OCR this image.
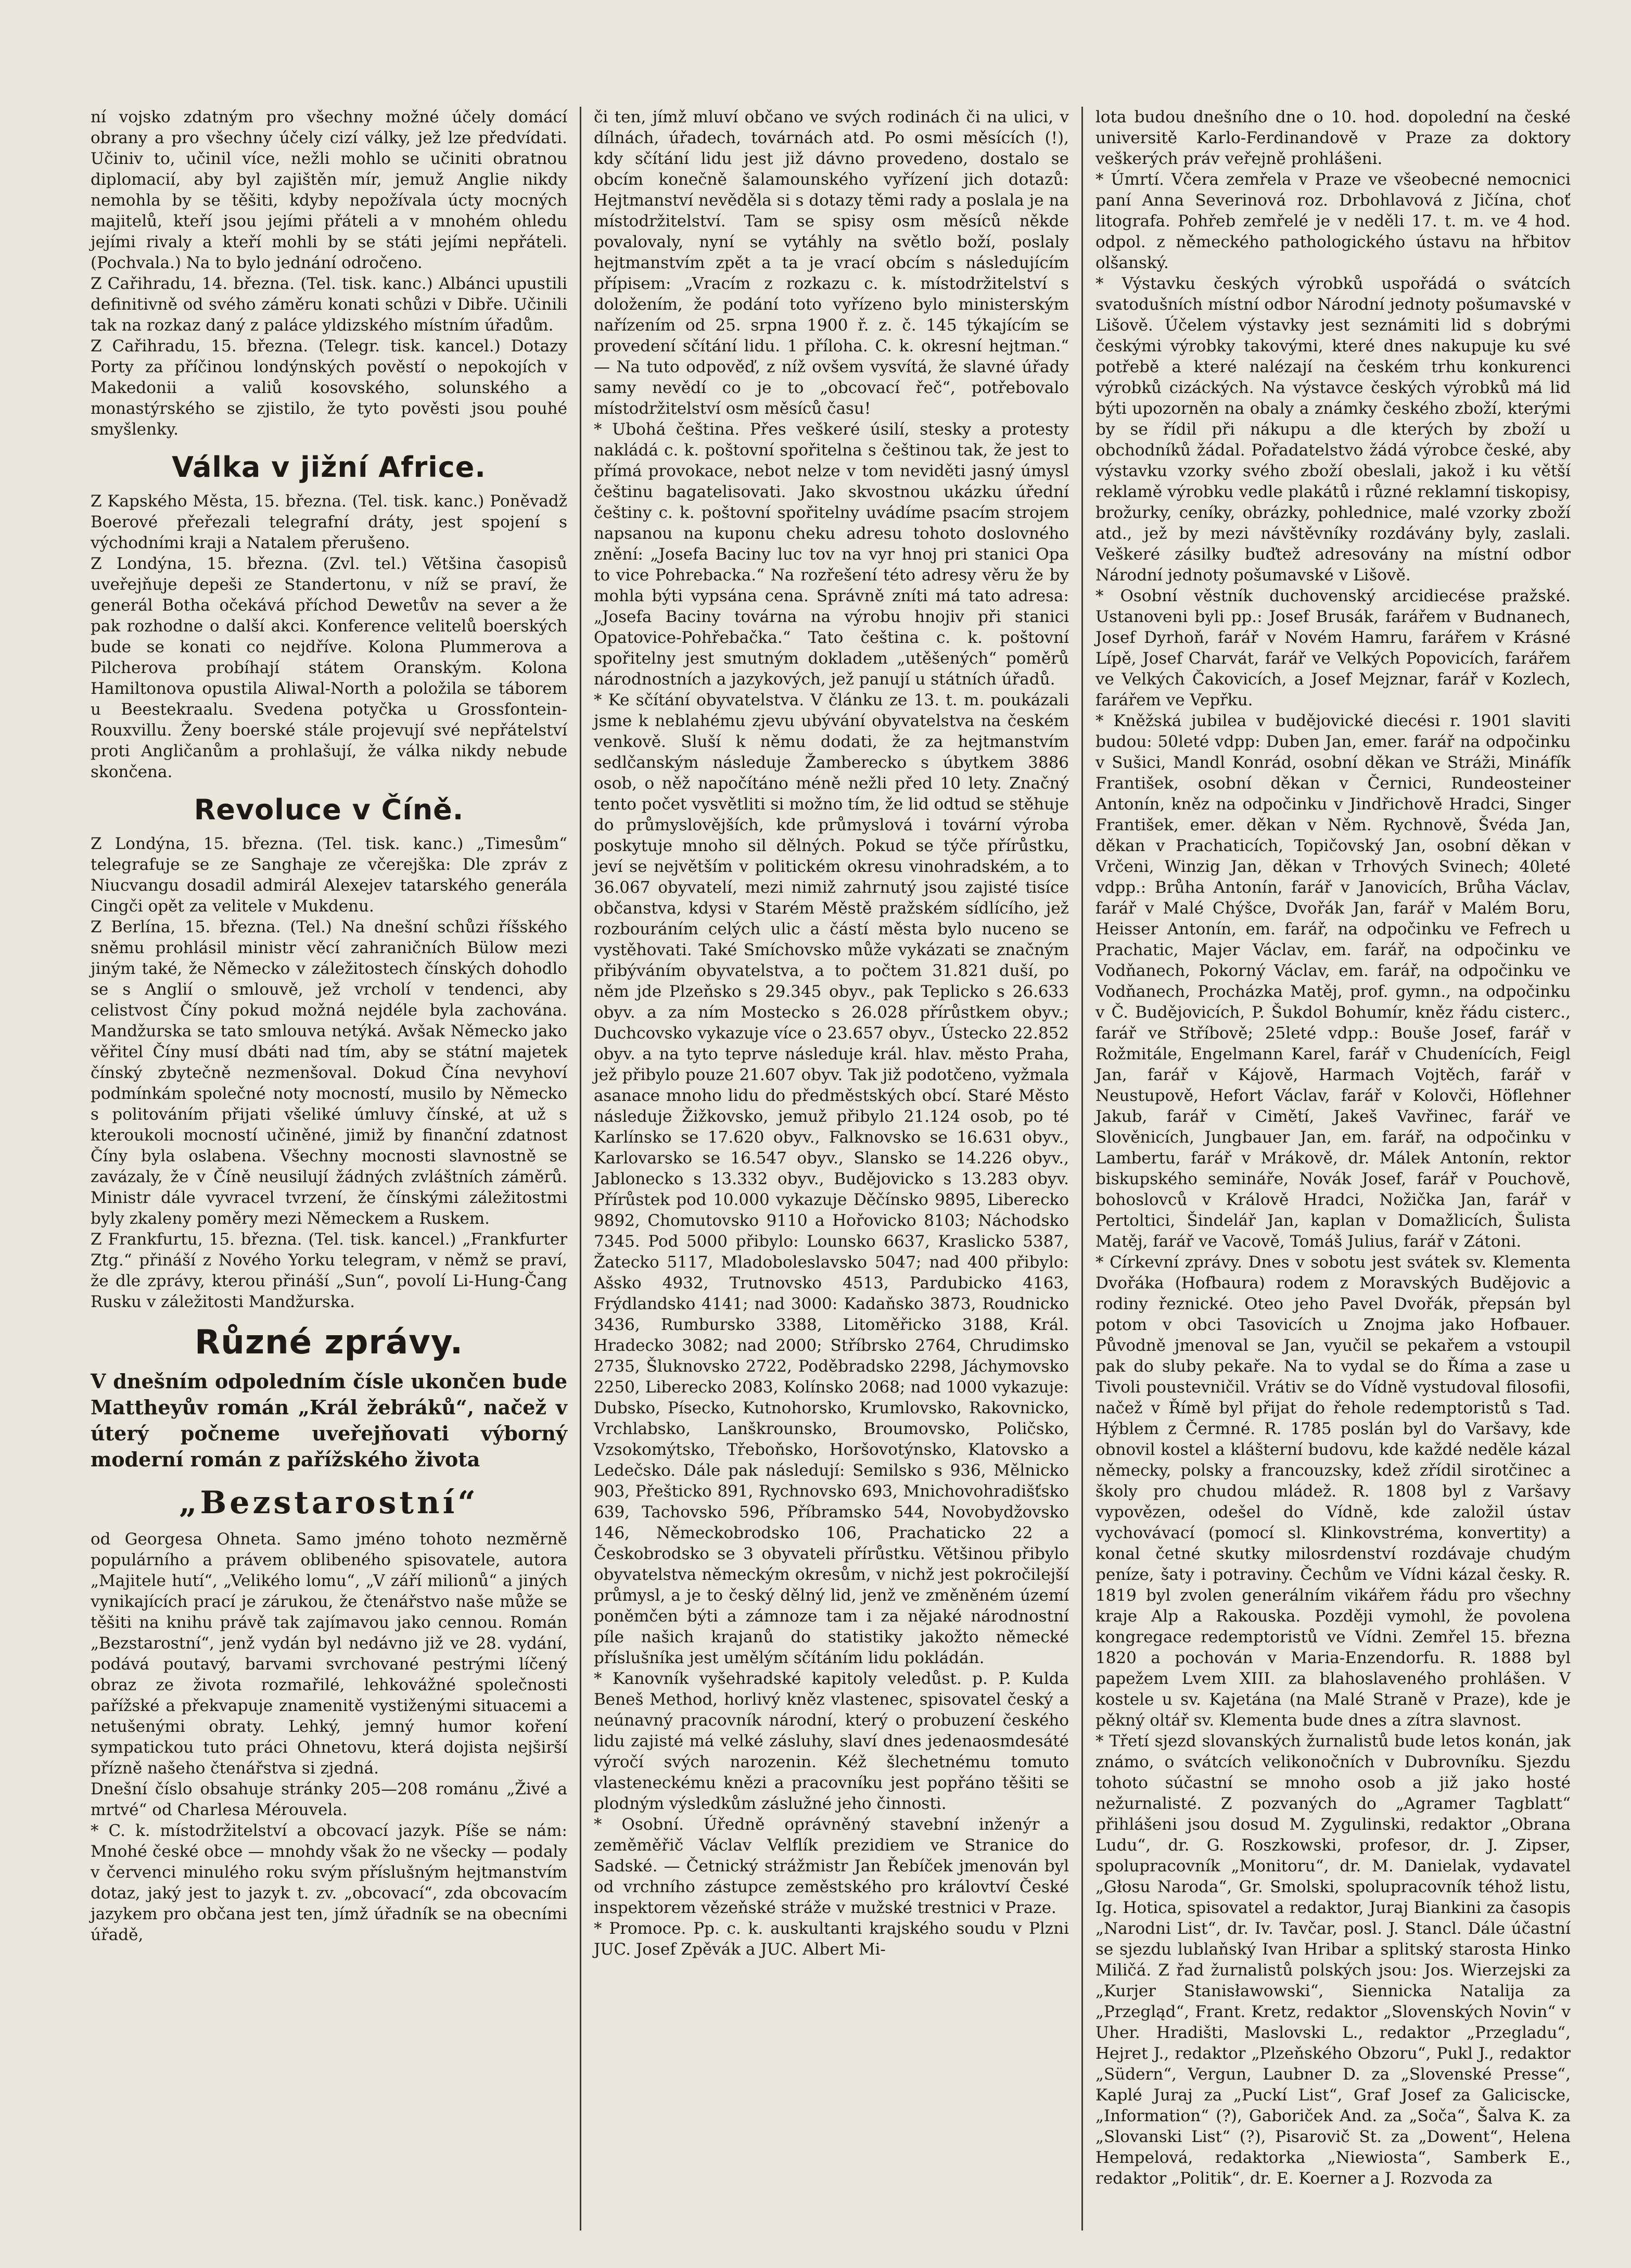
ní vojsko zdatným pro všechny možné účely domácí obrany a pro všechny účely cizí války, jež lze předvídati. Učiniv to, učinil více, nežli mohlo se učiniti obratnou diplomacií, aby byl zajištěn mír, jemuž Anglie nikdy nemohla by se těšiti, kdyby nepožívala úcty mocných majitelů, kteří jsou jejími přáteli a v mnohém ohledu jejími rivaly a kteří mohli by se státi jejími nepřáteli. (Pochvala.) Na to bylo jednání odročeno.

Z Cařihradu, 14. března. (Tel. tisk. kanc.) Albánci upustili definitivně od svého záměru konati schůzi v Dibře. Učinili tak na rozkaz daný z paláce yldizského místním úřadům.

Z Cařihradu, 15. března. (Telegr. tisk. kancel.) Dotazy Porty za příčinou londýnských pověstí o nepokojích v Makedonii a valiů kosovského, solunského a monastýrského se zjistilo, že tyto pověsti jsou pouhé smyšlenky.

Válka v jižní Africe.

Z Kapského Města, 15. března. (Tel. tisk. kanc.) Poněvadž Boerové přeřezali telegrafní dráty, jest spojení s východními kraji a Natalem přerušeno.

Z Londýna, 15. března. (Zvl. tel.) Většina časopisů uveřejňuje depeši ze Standertonu, v níž se praví, že generál Botha očekává příchod Dewetův na sever a že pak rozhodne o další akci. Konference velitelů boerských bude se konati co nejdříve. Kolona Plummerova a Pilcherova probíhají státem Oranským. Kolona Hamiltonova opustila Aliwal-North a položila se táborem u Beestekraalu. Svedena potyčka u Grossfontein-Rouxvillu. Ženy boerské stále projevují své nepřátelství proti Angličanům a prohlašují, že válka nikdy nebude skončena.

Revoluce v Číně.

Z Londýna, 15. března. (Tel. tisk. kanc.) „Timesům“ telegrafuje se ze Sanghaje ze včerejška: Dle zpráv z Niucvangu dosadil admirál Alexejev tatarského generála Cingči opět za velitele v Mukdenu.

Z Berlína, 15. března. (Tel.) Na dnešní schůzi říšského sněmu prohlásil ministr věcí zahraničních Bülow mezi jiným také, že Německo v záležitostech čínských dohodlo se s Anglií o smlouvě, jež vrcholí v tendenci, aby celistvost Číny pokud možná nejdéle byla zachována. Mandžurska se tato smlouva netýká. Avšak Německo jako věřitel Číny musí dbáti nad tím, aby se státní majetek čínský zbytečně nezmenšoval. Dokud Čína nevyhoví podmínkám společné noty mocností, musilo by Německo s politováním přijati všeliké úmluvy čínské, at už s kteroukoli mocností učiněné, jimiž by finanční zdatnost Číny byla oslabena. Všechny mocnosti slavnostně se zavázaly, že v Číně neusilují žádných zvláštních záměrů. Ministr dále vyvracel tvrzení, že čínskými záležitostmi byly zkaleny poměry mezi Německem a Ruskem.

Z Frankfurtu, 15. března. (Tel. tisk. kancel.) „Frankfurter Ztg.“ přináší z Nového Yorku telegram, v němž se praví, že dle zprávy, kterou přináší „Sun“, povolí Li-Hung-Čang Rusku v záležitosti Mandžurska.

Různé zprávy.

V dnešním odpoledním čísle ukončen bude Mattheyův román „Král žebráků“, načež v úterý počneme uveřejňovati výborný moderní román z pařížského života

„Bezstarostní“

od Georgesa Ohneta. Samo jméno tohoto nezměrně populárního a právem oblibeného spisovatele, autora „Majitele hutí“, „Velikého lomu“, „V září milionů“ a jiných vynikajících prací je zárukou, že čtenářstvo naše může se těšiti na knihu právě tak zajímavou jako cennou. Román „Bezstarostní“, jenž vydán byl nedávno již ve 28. vydání, podává poutavý, barvami svrchované pestrými líčený obraz ze života rozmařilé, lehkovážné společnosti pařížské a překvapuje znamenitě vystiženými situacemi a netušenými obraty. Lehký, jemný humor koření sympatickou tuto práci Ohnetovu, která dojista nejširší přízně našeho čtenářstva si zjedná.

Dnešní číslo obsahuje stránky 205—208 románu „Živé a mrtvé“ od Charlesa Mérouvela.

* C. k. místodržitelství a obcovací jazyk. Píše se nám: Mnohé české obce — mnohdy však žo ne všecky — podaly v červenci minulého roku svým příslušným hejtmanstvím dotaz, jaký jest to jazyk t. zv. „obcovací“, zda obcovacím jazykem pro občana jest ten, jímž úřadník se na obecními úřadě,

či ten, jímž mluví občano ve svých rodinách či na ulici, v dílnách, úřadech, továrnách atd. Po osmi měsících (!), kdy sčítání lidu jest již dávno provedeno, dostalo se obcím konečně šalamounského vyřízení jich dotazů: Hejtmanství nevěděla si s dotazy těmi rady a poslala je na místodržitelství. Tam se spisy osm měsíců někde povalovaly, nyní se vytáhly na světlo boží, poslaly hejtmanstvím zpět a ta je vrací obcím s následujícím přípisem: „Vracím z rozkazu c. k. místodržitelství s doložením, že podání toto vyřízeno bylo ministerským nařízením od 25. srpna 1900 ř. z. č. 145 týkajícím se provedení sčítání lidu. 1 příloha. C. k. okresní hejtman.“ — Na tuto odpověď, z níž ovšem vysvítá, že slavné úřady samy nevědí co je to „obcovací řeč“, potřebovalo místodržitelství osm měsíců času!

* Ubohá čeština. Přes veškeré úsilí, stesky a protesty nakládá c. k. poštovní spořitelna s češtinou tak, že jest to přímá provokace, nebot nelze v tom neviděti jasný úmysl češtinu bagatelisovati. Jako skvostnou ukázku úřední češtiny c. k. poštovní spořitelny uvádíme psacím strojem napsanou na kuponu cheku adresu tohoto doslovného znění: „Josefa Baciny luc tov na vyr hnoj pri stanici Opa to vice Pohrebacka.“ Na rozřešení této adresy věru že by mohla býti vypsána cena. Správně zníti má tato adresa: „Josefa Baciny továrna na výrobu hnojiv při stanici Opatovice-Pohřebačka.“ Tato čeština c. k. poštovní spořitelny jest smutným dokladem „utěšených“ poměrů národnostních a jazykových, jež panují u státních úřadů.

* Ke sčítání obyvatelstva. V článku ze 13. t. m. poukázali jsme k neblahému zjevu ubývání obyvatelstva na českém venkově. Sluší k němu dodati, že za hejtmanstvím sedlčanským následuje Žamberecko s úbytkem 3886 osob, o něž napočítáno méně nežli před 10 lety. Značný tento počet vysvětliti si možno tím, že lid odtud se stěhuje do průmyslovějších, kde průmyslová i tovární výroba poskytuje mnoho sil dělných. Pokud se týče přírůstku, jeví se největším v politickém okresu vinohradském, a to 36.067 obyvatelí, mezi nimiž zahrnutý jsou zajisté tisíce občanstva, kdysi v Starém Městě pražském sídlícího, jež rozbouráním celých ulic a částí města bylo nuceno se vystěhovati. Také Smíchovsko může vykázati se značným přibýváním obyvatelstva, a to počtem 31.821 duší, po něm jde Plzeňsko s 29.345 obyv., pak Teplicko s 26.633 obyv. a za ním Mostecko s 26.028 přírůstkem obyv.; Duchcovsko vykazuje více o 23.657 obyv., Ústecko 22.852 obyv. a na tyto teprve následuje král. hlav. město Praha, jež přibylo pouze 21.607 obyv. Tak již podotčeno, vyžmala asanace mnoho lidu do předměstských obcí. Staré Město následuje Žižkovsko, jemuž přibylo 21.124 osob, po té Karlínsko se 17.620 obyv., Falknovsko se 16.631 obyv., Karlovarsko se 16.547 obyv., Slansko se 14.226 obyv., Jablonecko s 13.332 obyv., Budějovicko s 13.283 obyv. Přírůstek pod 10.000 vykazuje Děčínsko 9895, Liberecko 9892, Chomutovsko 9110 a Hořovicko 8103; Náchodsko 7345. Pod 5000 přibylo: Lounsko 6637, Kraslicko 5387, Žatecko 5117, Mladoboleslavsko 5047; nad 400 přibylo: Ašsko 4932, Trutnovsko 4513, Pardubicko 4163, Frýdlandsko 4141; nad 3000: Kadaňsko 3873, Roudnicko 3436, Rumbursko 3388, Litoměřicko 3188, Král. Hradecko 3082; nad 2000; Stříbrsko 2764, Chrudimsko 2735, Šluknovsko 2722, Poděbradsko 2298, Jáchymovsko 2250, Liberecko 2083, Kolínsko 2068; nad 1000 vykazuje: Dubsko, Písecko, Kutnohorsko, Krumlovsko, Rakovnicko, Vrchlabsko, Lanškrounsko, Broumovsko, Poličsko, Vzsokomýtsko, Třeboňsko, Horšovotýnsko, Klatovsko a Ledečsko. Dále pak následují: Semilsko s 936, Mělnicko 903, Přešticko 891, Rychnovsko 693, Mnichovohradišťsko 639, Tachovsko 596, Příbramsko 544, Novobydžovsko 146, Německobrodsko 106, Prachaticko 22 a Českobrodsko se 3 obyvateli přírůstku. Většinou přibylo obyvatelstva německým okresům, v nichž jest pokročilejší průmysl, a je to český dělný lid, jenž ve změněném území poněmčen býti a zámnoze tam i za nějaké národnostní píle našich krajanů do statistiky jakožto německé příslušníka jest umělým sčítáním lidu pokládán.

* Kanovník vyšehradské kapitoly veledůst. p. P. Kulda Beneš Method, horlivý kněz vlastenec, spisovatel český a neúnavný pracovník národní, který o probuzení českého lidu zajisté má velké zásluhy, slaví dnes jedenaosmdesáté výročí svých narozenin. Kéž šlechetnému tomuto vlasteneckému knězi a pracovníku jest popřáno těšiti se plodným výsledkům záslužné jeho činnosti.

* Osobní. Úředně oprávněný stavební inženýr a zeměměřič Václav Velflík prezidiem ve Stranice do Sadské. — Četnický strážmistr Jan Řebíček jmenován byl od vrchního zástupce zeměstského pro královtví České inspektorem vězeňské stráže v mužské trestnici v Praze.

* Promoce. Pp. c. k. auskultanti krajského soudu v Plzni JUC. Josef Zpěvák a JUC. Albert Mi-

lota budou dnešního dne o 10. hod. dopolední na české universitě Karlo-Ferdinandově v Praze za doktory veškerých práv veřejně prohlášeni.

* Úmrtí. Včera zemřela v Praze ve všeobecné nemocnici paní Anna Severinová roz. Drbohlavová z Jičína, choť litografa. Pohřeb zemřelé je v neděli 17. t. m. ve 4 hod. odpol. z německého pathologického ústavu na hřbitov olšanský.

* Výstavku českých výrobků uspořádá o svátcích svatodušních místní odbor Národní jednoty pošumavské v Lišově. Účelem výstavky jest seznámiti lid s dobrými českými výrobky takovými, které dnes nakupuje ku své potřebě a které nalézají na českém trhu konkurenci výrobků cizáckých. Na výstavce českých výrobků má lid býti upozorněn na obaly a známky českého zboží, kterými by se řídil při nákupu a dle kterých by zboží u obchodníků žádal. Pořadatelstvo žádá výrobce české, aby výstavku vzorky svého zboží obeslali, jakož i ku větší reklamě výrobku vedle plakátů i různé reklamní tiskopisy, brožurky, ceníky, obrázky, pohlednice, malé vzorky zboží atd., jež by mezi návštěvníky rozdávány byly, zaslali. Veškeré zásilky buďtež adresovány na místní odbor Národní jednoty pošumavské v Lišově.

* Osobní věstník duchovenský arcidiecése pražské. Ustanoveni byli pp.: Josef Brusák, farářem v Budnanech, Josef Dyrhoň, farář v Novém Hamru, farářem v Krásné Lípě, Josef Charvát, farář ve Velkých Popovicích, farářem ve Velkých Čakovicích, a Josef Mejznar, farář v Kozlech, farářem ve Vepřku.

* Kněžská jubilea v budějovické diecési r. 1901 slaviti budou: 50leté vdpp: Duben Jan, emer. farář na odpočinku v Sušici, Mandl Konrád, osobní děkan ve Stráži, Mináfík František, osobní děkan v Černici, Rundeosteiner Antonín, kněz na odpočinku v Jindřichově Hradci, Singer František, emer. děkan v Něm. Rychnově, Švéda Jan, děkan v Prachaticích, Topičovský Jan, osobní děkan v Vrčeni, Winzig Jan, děkan v Trhových Svinech; 40leté vdpp.: Brůha Antonín, farář v Janovicích, Brůha Václav, farář v Malé Chýšce, Dvořák Jan, farář v Malém Boru, Heisser Antonín, em. farář, na odpočinku ve Fefrech u Prachatic, Majer Václav, em. farář, na odpočinku ve Vodňanech, Pokorný Václav, em. farář, na odpočinku ve Vodňanech, Procházka Matěj, prof. gymn., na odpočinku v Č. Budějovicích, P. Šukdol Bohumír, kněz řádu cisterc., farář ve Stříbově; 25leté vdpp.: Bouše Josef, farář v Rožmitále, Engelmann Karel, farář v Chudenících, Feigl Jan, farář v Kájově, Harmach Vojtěch, farář v Neustupově, Hefort Václav, farář v Kolovči, Höflehner Jakub, farář v Cimětí, Jakeš Vavřinec, farář ve Slověnicích, Jungbauer Jan, em. farář, na odpočinku v Lambertu, farář v Mrákově, dr. Málek Antonín, rektor biskupského semináře, Novák Josef, farář v Pouchově, bohoslovců v Králově Hradci, Nožička Jan, farář v Pertoltici, Šindelář Jan, kaplan v Domažlicích, Šulista Matěj, farář ve Vacově, Tomáš Julius, farář v Zátoni.

* Církevní zprávy. Dnes v sobotu jest svátek sv. Klementa Dvořáka (Hofbaura) rodem z Moravských Budějovic a rodiny řeznické. Oteo jeho Pavel Dvořák, přepsán byl potom v obci Tasovicích u Znojma jako Hofbauer. Původně jmenoval se Jan, vyučil se pekařem a vstoupil pak do sluby pekaře. Na to vydal se do Říma a zase u Tivoli poustevničil. Vrátiv se do Vídně vystudoval filosofii, načež v Římě byl přijat do řehole redemptoristů s Tad. Hýblem z Čermné. R. 1785 poslán byl do Varšavy, kde obnovil kostel a klášterní budovu, kde každé neděle kázal německy, polsky a francouzsky, kdež zřídil sirotčinec a školy pro chudou mládež. R. 1808 byl z Varšavy vypovězen, odešel do Vídně, kde založil ústav vychovávací (pomocí sl. Klinkovstréma, konvertity) a konal četné skutky milosrdenství rozdávaje chudým peníze, šaty i potraviny. Čechům ve Vídni kázal česky. R. 1819 byl zvolen generálním vikářem řádu pro všechny kraje Alp a Rakouska. Později vymohl, že povolena kongregace redemptoristů ve Vídni. Zemřel 15. března 1820 a pochován v Maria-Enzendorfu. R. 1888 byl papežem Lvem XIII. za blahoslaveného prohlášen. V kostele u sv. Kajetána (na Malé Straně v Praze), kde je pěkný oltář sv. Klementa bude dnes a zítra slavnost.

* Třetí sjezd slovanských žurnalistů bude letos konán, jak známo, o svátcích velikonočních v Dubrovníku. Sjezdu tohoto súčastní se mnoho osob a již jako hosté nežurnalisté. Z pozvaných do „Agramer Tagblatt“ přihlášeni jsou dosud M. Zygulinski, redaktor „Obrana Ludu“, dr. G. Roszkowski, profesor, dr. J. Zipser, spolupracovník „Monitoru“, dr. M. Danielak, vydavatel „Głosu Naroda“, Gr. Smolski, spolupracovník téhož listu, Ig. Hotica, spisovatel a redaktor, Juraj Biankini za časopis „Narodni List“, dr. Iv. Tavčar, posl. J. Stancl. Dále účastní se sjezdu lublaňský Ivan Hribar a splitský starosta Hinko Miličá. Z řad žurnalistů polských jsou: Jos. Wierzejski za „Kurjer Stanisławowski“, Siennicka Natalija za „Przegląd“, Frant. Kretz, redaktor „Slovenských Novin“ v Uher. Hradišti, Maslovski L., redaktor „Przegladu“, Hejret J., redaktor „Plzeňského Obzoru“, Pukl J., redaktor „Südern“, Vergun, Laubner D. za „Slovenské Presse“, Kaplé Juraj za „Puckí List“, Graf Josef za Galiciscke, „Information“ (?), Gaboriček And. za „Soča“, Šalva K. za „Slovanski List“ (?), Pisarovič St. za „Dowent“, Helena Hempelová, redaktorka „Niewiosta“, Samberk E., redaktor „Politik“, dr. E. Koerner a J. Rozvoda za
